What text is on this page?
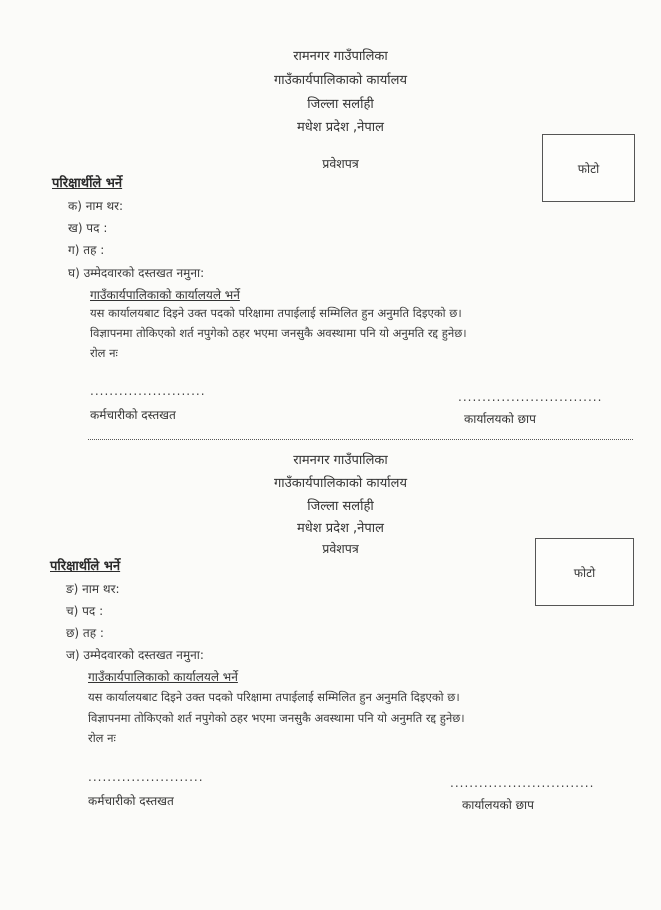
रामनगर गाउँपालिका
गाउँकार्यपालिकाको कार्यालय
जिल्ला सर्लाही
मधेश प्रदेश ,नेपाल
प्रवेशपत्र	फोटो
परिक्षार्थीले भर्ने
क) नाम थर:
ख) पद :
ग) तह :
घ) उम्मेदवारको दस्तखत नमुना:
गाउँकार्यपालिकाको कार्यालयले भर्ने
यस कार्यालयबाट दिइने उक्त पदको परिक्षामा तपाईलाई सम्मिलित हुन अनुमति दिइएको छ।
विज्ञापनमा तोकिएको शर्त नपुगेको ठहर भएमा जनसुकै अवस्थामा पनि यो अनुमति रद्द हुनेछ।
रोल नः
........................	..............................
कर्मचारीको दस्तखत	कार्यालयको छाप
रामनगर गाउँपालिका
गाउँकार्यपालिकाको कार्यालय
जिल्ला सर्लाही
मधेश प्रदेश ,नेपाल
प्रवेशपत्र
फोटो
परिक्षार्थीले भर्ने
ङ) नाम थर:
च) पद :
छ) तह :
ज) उम्मेदवारको दस्तखत नमुना:
गाउँकार्यपालिकाको कार्यालयले भर्ने
यस कार्यालयबाट दिइने उक्त पदको परिक्षामा तपाईलाई सम्मिलित हुन अनुमति दिइएको छ।
विज्ञापनमा तोकिएको शर्त नपुगेको ठहर भएमा जनसुकै अवस्थामा पनि यो अनुमति रद्द हुनेछ।
रोल नः
........................	..............................
कर्मचारीको दस्तखत	कार्यालयको छाप
